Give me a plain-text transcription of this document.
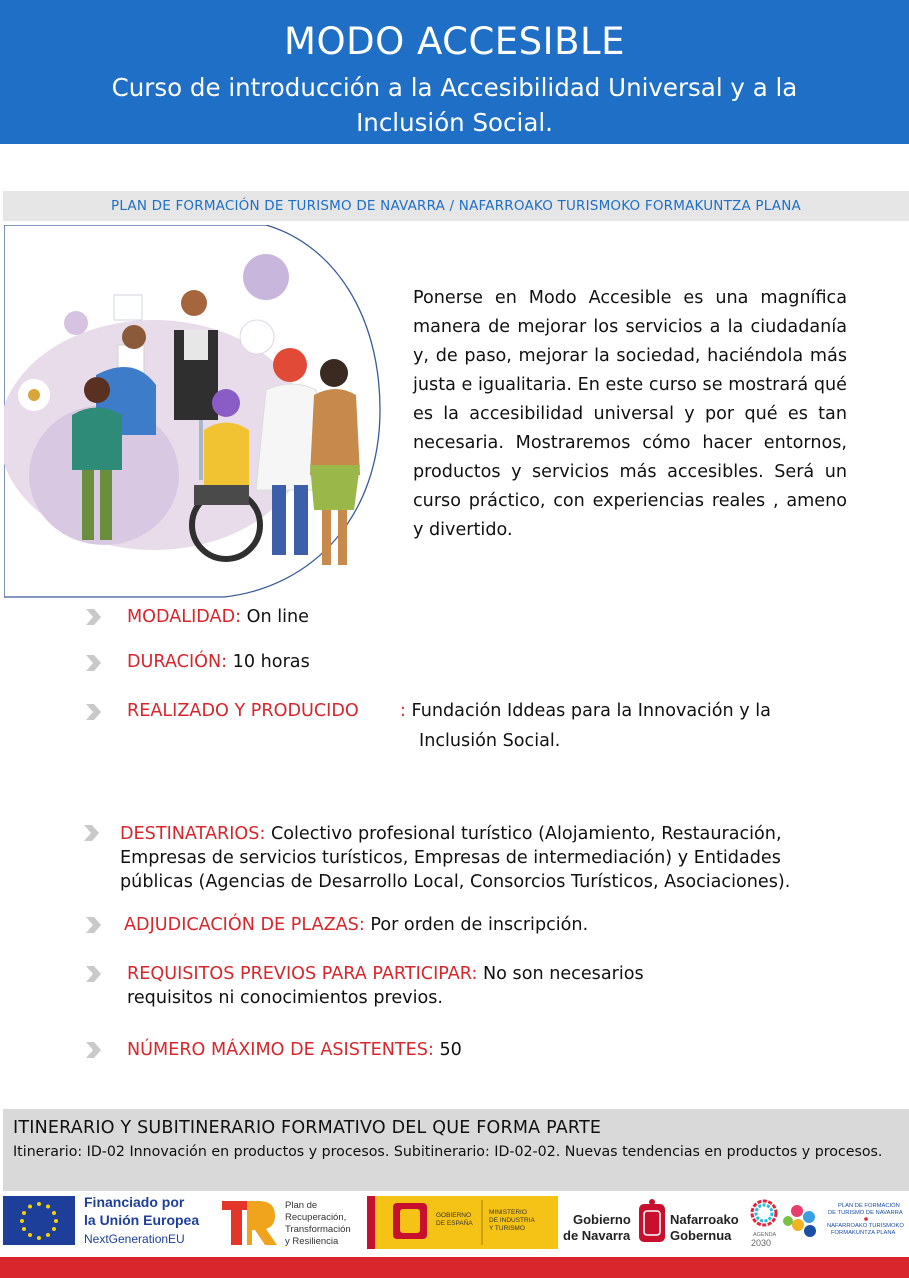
MODO ACCESIBLE
Curso de introducción a la Accesibilidad Universal y a la Inclusión Social.
PLAN DE FORMACIÓN DE TURISMO DE NAVARRA / NAFARROAKO TURISMOKO FORMAKUNTZA PLANA
Ponerse en Modo Accesible es una magnífica manera de mejorar los servicios a la ciudadanía y, de paso, mejorar la sociedad, haciéndola más justa e igualitaria. En este curso se mostrará qué es la accesibilidad universal y por qué es tan necesaria. Mostraremos cómo hacer entornos, productos y servicios más accesibles. Será un curso práctico, con experiencias reales , ameno y divertido.
MODALIDAD: On line
DURACIÓN: 10 horas
REALIZADO Y PRODUCIDO : Fundación Iddeas para la Innovación y la
Inclusión Social.
DESTINATARIOS: Colectivo profesional turístico (Alojamiento, Restauración,
Empresas de servicios turísticos, Empresas de intermediación) y Entidades
públicas (Agencias de Desarrollo Local, Consorcios Turísticos, Asociaciones).
ADJUDICACIÓN DE PLAZAS: Por orden de inscripción.
REQUISITOS PREVIOS PARA PARTICIPAR: No son necesarios
requisitos ni conocimientos previos.
NÚMERO MÁXIMO DE ASISTENTES: 50
ITINERARIO Y SUBITINERARIO FORMATIVO DEL QUE FORMA PARTE
Itinerario: ID-02 Innovación en productos y procesos. Subitinerario: ID-02-02. Nuevas tendencias en productos y procesos.
Financiado por
la Unión Europea
NextGenerationEU
Plan de
Recuperación,
Transformación
y Resiliencia
GOBIERNO
DE ESPAÑA
MINISTERIO
DE INDUSTRIA
Y TURISMO
Gobierno
de Navarra
Nafarroako
Gobernua	AGENDA
2030
PLAN DE FORMACIÓN
DE TURISMO DE NAVARRA
NAFARROAKO TURISMOKO
FORMAKUNTZA PLANA
